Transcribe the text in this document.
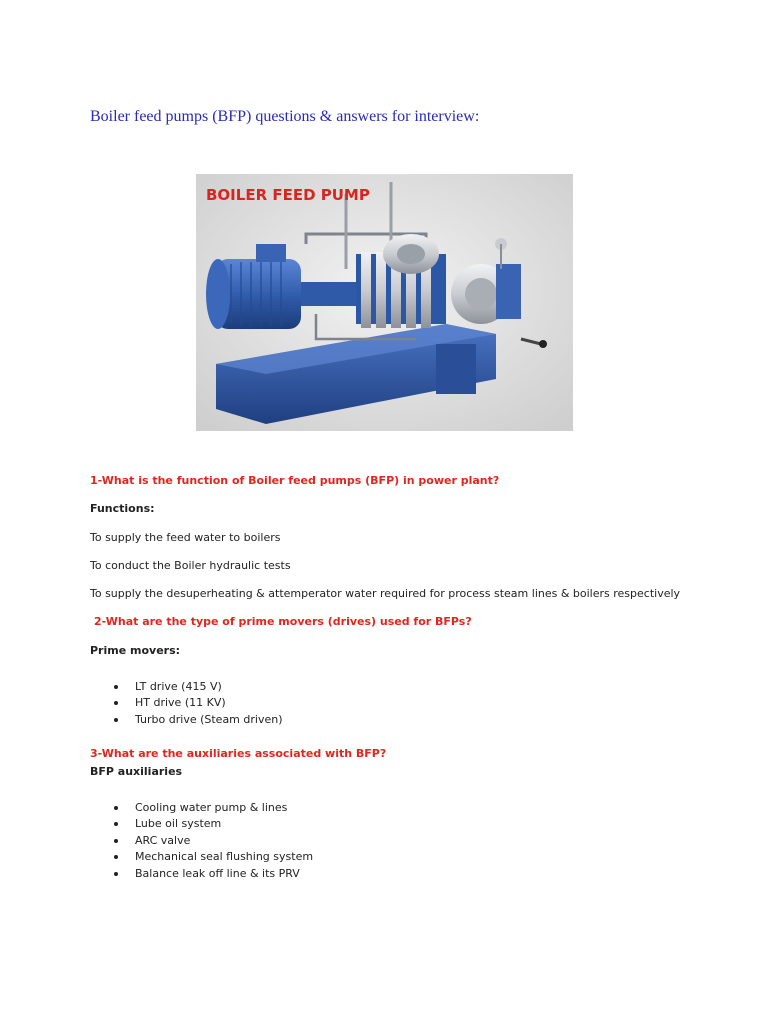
Boiler feed pumps (BFP) questions & answers for interview:
BOILER FEED PUMP

1-What is the function of Boiler feed pumps (BFP) in power plant?

Functions:

To supply the feed water to boilers

To conduct the Boiler hydraulic tests

To supply the desuperheating & attemperator water required for process steam lines & boilers respectively

2-What are the type of prime movers (drives) used for BFPs?

Prime movers:

LT drive (415 V)
HT drive (11 KV)
Turbo drive (Steam driven)

3-What are the auxiliaries associated with BFP?

BFP auxiliaries

Cooling water pump & lines
Lube oil system
ARC valve
Mechanical seal flushing system
Balance leak off line & its PRV
